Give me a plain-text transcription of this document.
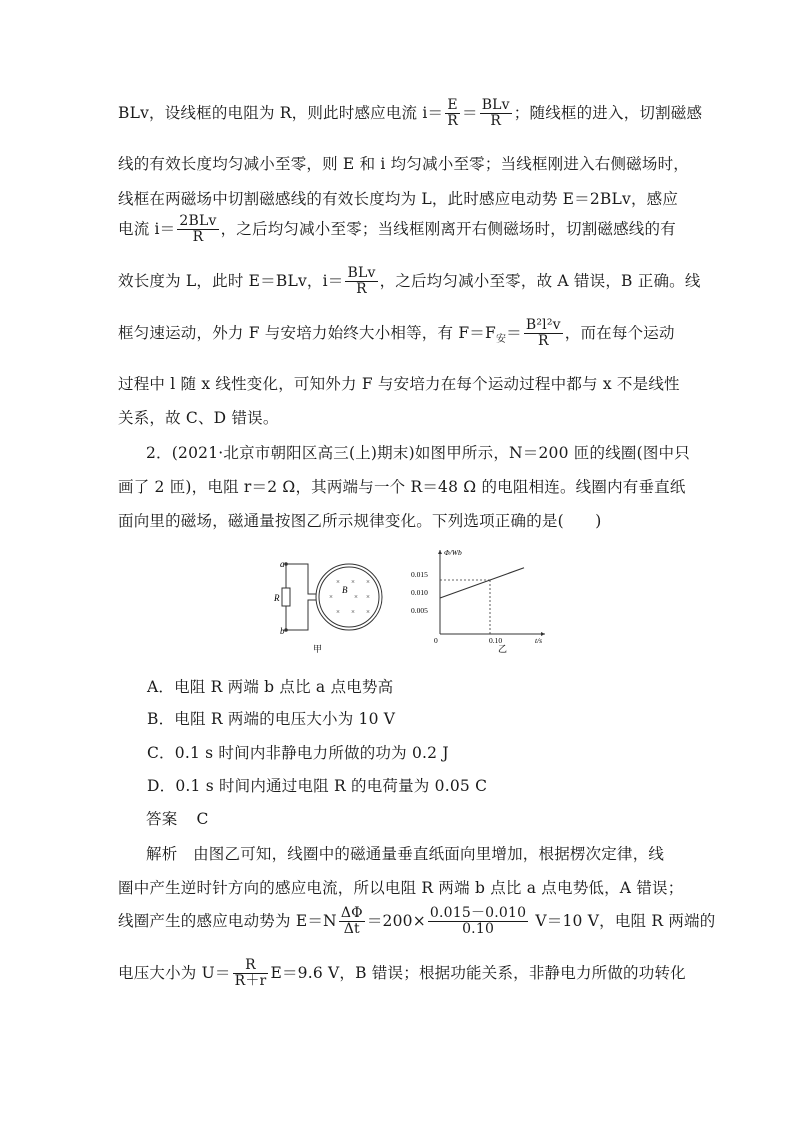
BLv，设线框的电阻为 R，则此时感应电流 $i= \frac{E}{R} = \frac{\text{BLv}}{R}$ ；随线框的进入，切割磁感
线的有效长度均匀减小至零，则 E 和 i 均匀减小至零；当线框刚进入右侧磁场时，
线框在两磁场中切割磁感线的有效长度均为 L，此时感应电动势 E＝2BLv，感应
电流 $i= \frac{\text{2BLv}}{R}$ ，之后均匀减小至零；当线框刚离开右侧磁场时，切割磁感线的有
效长度为 L，此时 E＝BLv，$i= \frac{\text{BLv}}{R}$ ，之后均匀减小至零，故 A 错误，B 正确。线
框匀速运动，外力 F 与安培力始终大小相等，有 $F=F_安= \frac{\text{B²l²v}}{R}$ ，而在每个运动
过程中 l 随 x 线性变化，可知外力 F 与安培力在每个运动过程中都与 x 不是线性
关系，故 C、D 错误。
2．(2021·北京市朝阳区高三(上)期末)如图甲所示，N＝200 匝的线圈(图中只
画了 2 匝)，电阻 r＝2 Ω，其两端与一个 R＝48 Ω 的电阻相连。线圈内有垂直纸
面向里的磁场，磁通量按图乙所示规律变化。下列选项正确的是(　　)
a
b
R
B
× × ×
×	× ×
× × ×
甲
Φ/Wb
t/s
0	0.10
0.015
0.010
0.005
乙
A．电阻 R 两端 b 点比 a 点电势高
B．电阻 R 两端的电压大小为 10 V
C．0.1 s 时间内非静电力所做的功为 0.2 J
D．0.1 s 时间内通过电阻 R 的电荷量为 0.05 C
答案 C
解析　由图乙可知，线圈中的磁通量垂直纸面向里增加，根据楞次定律，线
圈中产生逆时针方向的感应电流，所以电阻 R 两端 b 点比 a 点电势低，A 错误；
线圈产生的感应电动势为 $E=N \frac{\Delta\Phi}{\Delta t} =200\times \frac{0.015-0.010}{0.10} V=10$ V，电阻 R 两端的
电压大小为 $U= \frac{R}{R+r} E=9.6$ V，B 错误；根据功能关系，非静电力所做的功转化
